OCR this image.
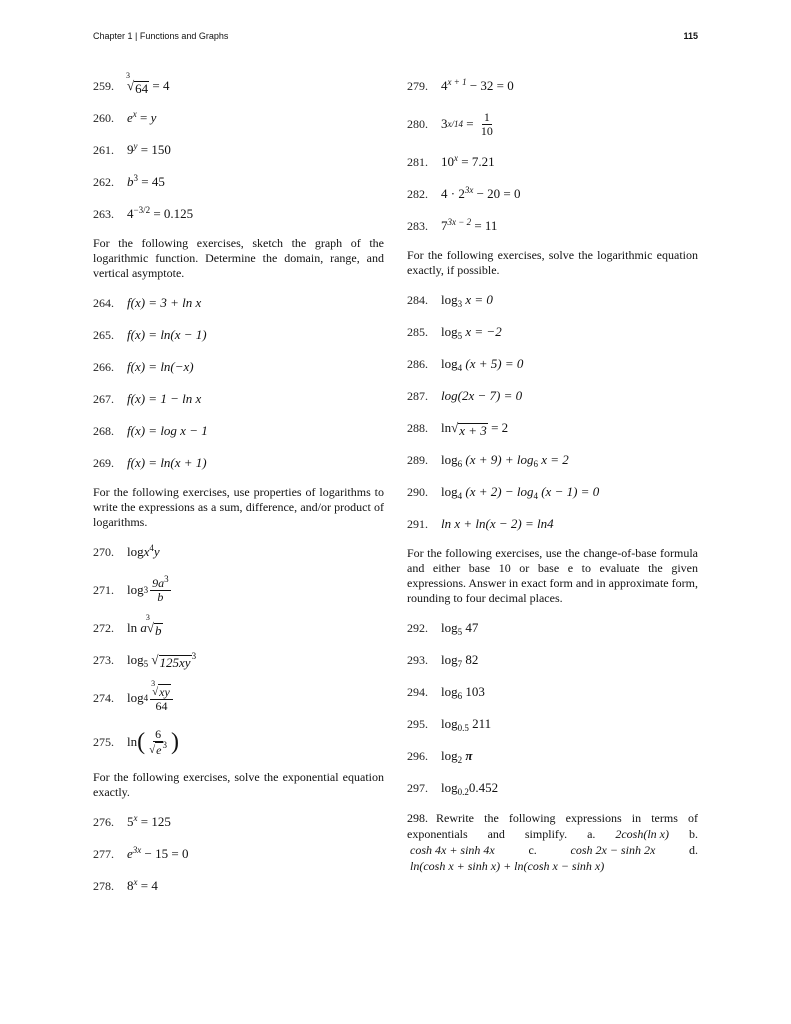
Chapter 1 | Functions and Graphs	115
259.
3
√ 64 = 4
260.	$e^x = y$
261.	$9^y = 150$
262.	$b^3 = 45$
263.	$4^{-3/2} = 0.125$
For the following exercises, sketch the graph of the logarithmic function. Determine the domain, range, and vertical asymptote.
264.	f(x) = 3 + ln x
265.	f(x) = ln(x − 1)
266.	f(x) = ln(−x)
267.	f(x) = 1 − ln x
268.	f(x) = log x − 1
269.	f(x) = ln(x + 1)
For the following exercises, use properties of logarithms to write the expressions as a sum, difference, and/or product of logarithms.
270.	logx$^4$y
271.	$\log 3 \frac{9a^3}{b}$
272.	ln a
3
√ b
273.	$\log_5$ √ 125xy $^3$
274.	log 4 3
√ xy
64
275.	ln ( $\frac{6}{√ e ^3}$ )
For the following exercises, solve the exponential equation exactly.
276.	$5^x = 125$
277.	$e^{3x} - 15 = 0$
278.	$8^x = 4$
279.	$4^{x + 1} - 32 = 0$
280.	3 $x/14 = \frac{1}{10}$
281.	$10^x = 7.21$
282.	$4 \cdot 2^{3x} - 20 = 0$
283.	$7^{3x - 2} = 11$
For the following exercises, solve the logarithmic equation exactly, if possible.
284.	$\log_3 x = 0$
285.	$\log_5 x = -2$
286.	$\log_4 (x + 5) = 0$
287.	log(2x − 7) = 0
288.	ln √ x + 3 = 2
289.	$\log_6 (x + 9) + \log_6 x = 2$
290.	$\log_4 (x + 2) - \log_4 (x - 1) = 0$
291.	ln x + ln(x − 2) = ln4
For the following exercises, use the change-of-base formula and either base 10 or base e to evaluate the given expressions. Answer in exact form and in approximate form, rounding to four decimal places.
292.	$\log_5 47$
293.	$\log_7 82$
294.	$\log_6 103$
295.	$\log_{0.5} 211$
296.	$\log_2 \pi$
297.	$\log_{0.2}0.452$
298. Rewrite the following expressions in terms of
exponentials and simplify. a. 2cosh(ln x) b.
cosh 4x + sinh 4x	c.	cosh 2x − sinh 2x	d.
ln(cosh x + sinh x) + ln(cosh x − sinh x)
